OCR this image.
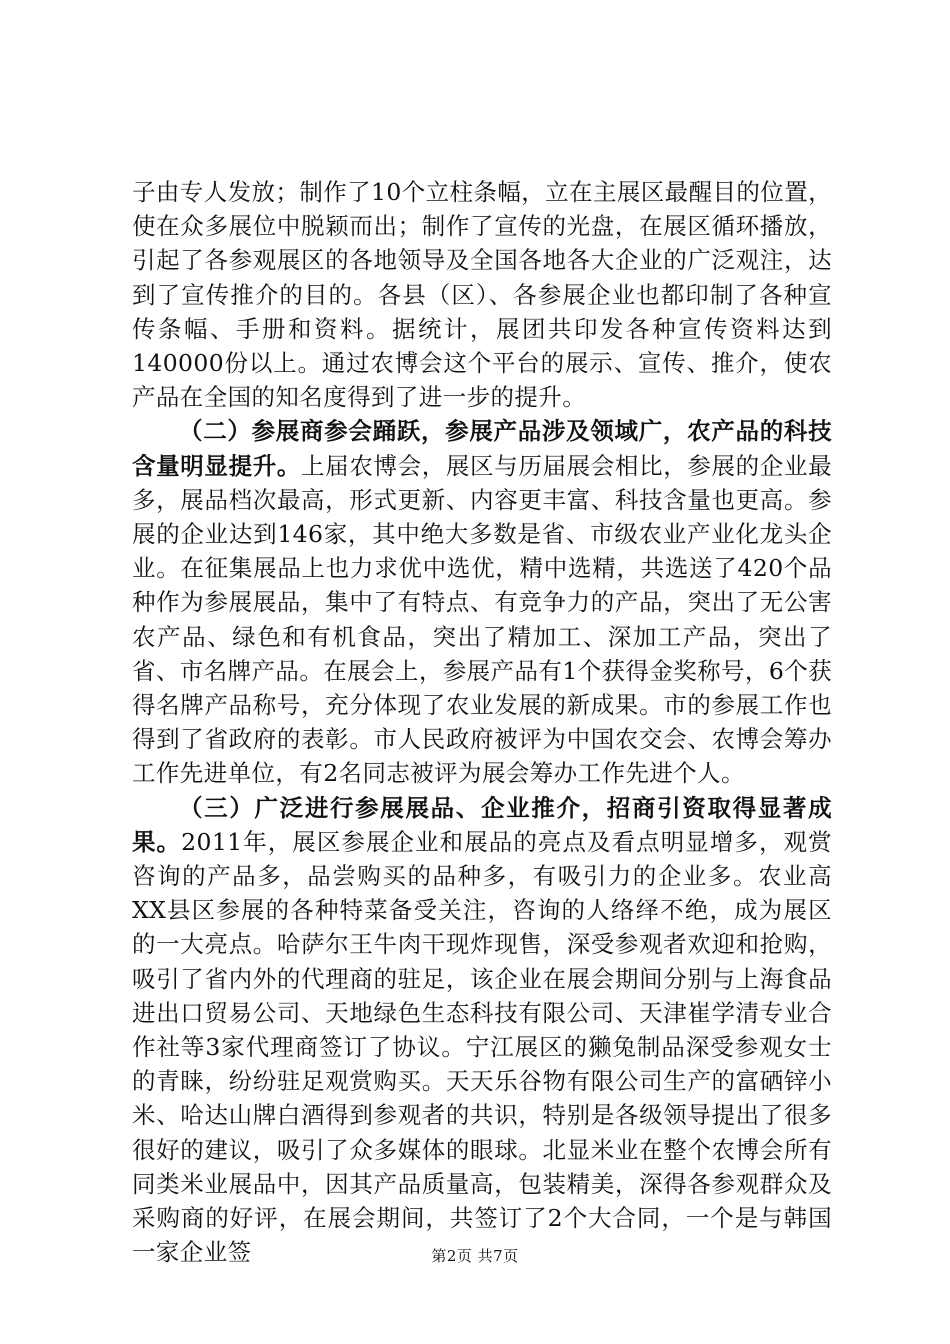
子由专人发放；制作了10个立柱条幅，立在主展区最醒目的位置，使在众多展位中脱颖而出；制作了宣传的光盘，在展区循环播放，引起了各参观展区的各地领导及全国各地各大企业的广泛观注，达到了宣传推介的目的。各县（区）、各参展企业也都印制了各种宣传条幅、手册和资料。据统计，展团共印发各种宣传资料达到140000份以上。通过农博会这个平台的展示、宣传、推介，使农产品在全国的知名度得到了进一步的提升。

（二）参展商参会踊跃，参展产品涉及领域广，农产品的科技含量明显提升。上届农博会，展区与历届展会相比，参展的企业最多，展品档次最高，形式更新、内容更丰富、科技含量也更高。参展的企业达到146家，其中绝大多数是省、市级农业产业化龙头企业。在征集展品上也力求优中选优，精中选精，共选送了420个品种作为参展展品，集中了有特点、有竞争力的产品，突出了无公害农产品、绿色和有机食品，突出了精加工、深加工产品，突出了省、市名牌产品。在展会上，参展产品有1个获得金奖称号，6个获得名牌产品称号，充分体现了农业发展的新成果。市的参展工作也得到了省政府的表彰。市人民政府被评为中国农交会、农博会筹办工作先进单位，有2名同志被评为展会筹办工作先进个人。

（三）广泛进行参展展品、企业推介，招商引资取得显著成果。2011年，展区参展企业和展品的亮点及看点明显增多，观赏咨询的产品多，品尝购买的品种多，有吸引力的企业多。农业高XX县区参展的各种特菜备受关注，咨询的人络绎不绝，成为展区的一大亮点。哈萨尔王牛肉干现炸现售，深受参观者欢迎和抢购，吸引了省内外的代理商的驻足，该企业在展会期间分别与上海食品进出口贸易公司、天地绿色生态科技有限公司、天津崔学清专业合作社等3家代理商签订了协议。宁江展区的獭兔制品深受参观女士的青睐，纷纷驻足观赏购买。天天乐谷物有限公司生产的富硒锌小米、哈达山牌白酒得到参观者的共识，特别是各级领导提出了很多很好的建议，吸引了众多媒体的眼球。北显米业在整个农博会所有同类米业展品中，因其产品质量高，包装精美，深得各参观群众及采购商的好评，在展会期间，共签订了2个大合同，一个是与韩国一家企业签	第2页 共7页
